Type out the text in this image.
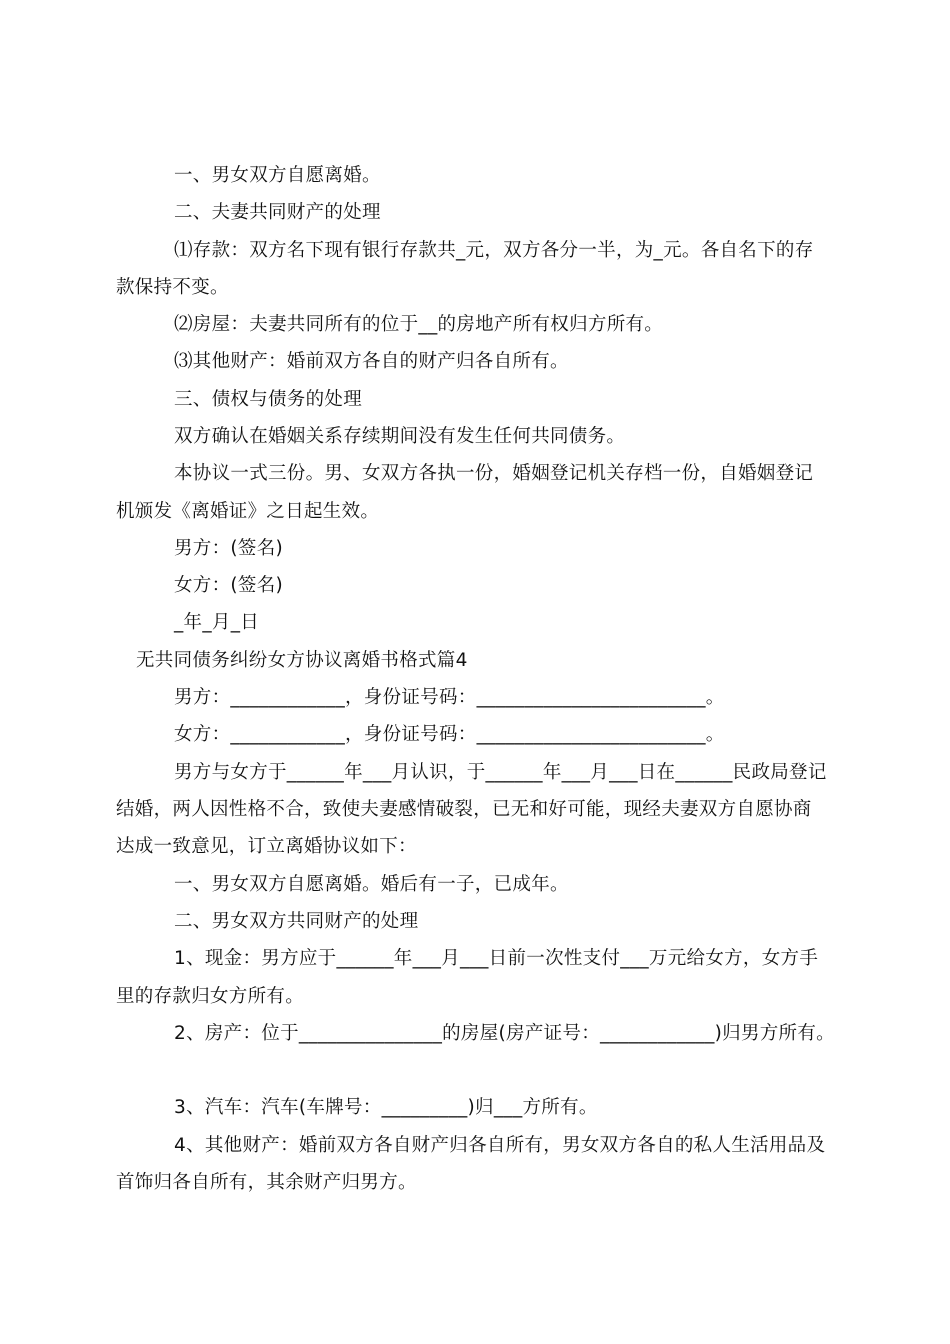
一、男女双方自愿离婚。
二、夫妻共同财产的处理
⑴存款：双方名下现有银行存款共_元，双方各分一半，为_元。各自名下的存
款保持不变。
⑵房屋：夫妻共同所有的位于__的房地产所有权归方所有。
⑶其他财产：婚前双方各自的财产归各自所有。
三、债权与债务的处理
双方确认在婚姻关系存续期间没有发生任何共同债务。
本协议一式三份。男、女双方各执一份，婚姻登记机关存档一份，自婚姻登记
机颁发《离婚证》之日起生效。
男方：(签名)
女方：(签名)
_年_月_日
无共同债务纠纷女方协议离婚书格式篇4
男方：____________，身份证号码：________________________。
女方：____________，身份证号码：________________________。
男方与女方于______年___月认识，于______年___月___日在______民政局登记
结婚，两人因性格不合，致使夫妻感情破裂，已无和好可能，现经夫妻双方自愿协商
达成一致意见，订立离婚协议如下：
一、男女双方自愿离婚。婚后有一子，已成年。
二、男女双方共同财产的处理
1、现金：男方应于______年___月___日前一次性支付___万元给女方，女方手
里的存款归女方所有。
2、房产：位于_______________的房屋(房产证号：____________)归男方所有。
3、汽车：汽车(车牌号：_________)归___方所有。
4、其他财产：婚前双方各自财产归各自所有，男女双方各自的私人生活用品及
首饰归各自所有，其余财产归男方。
